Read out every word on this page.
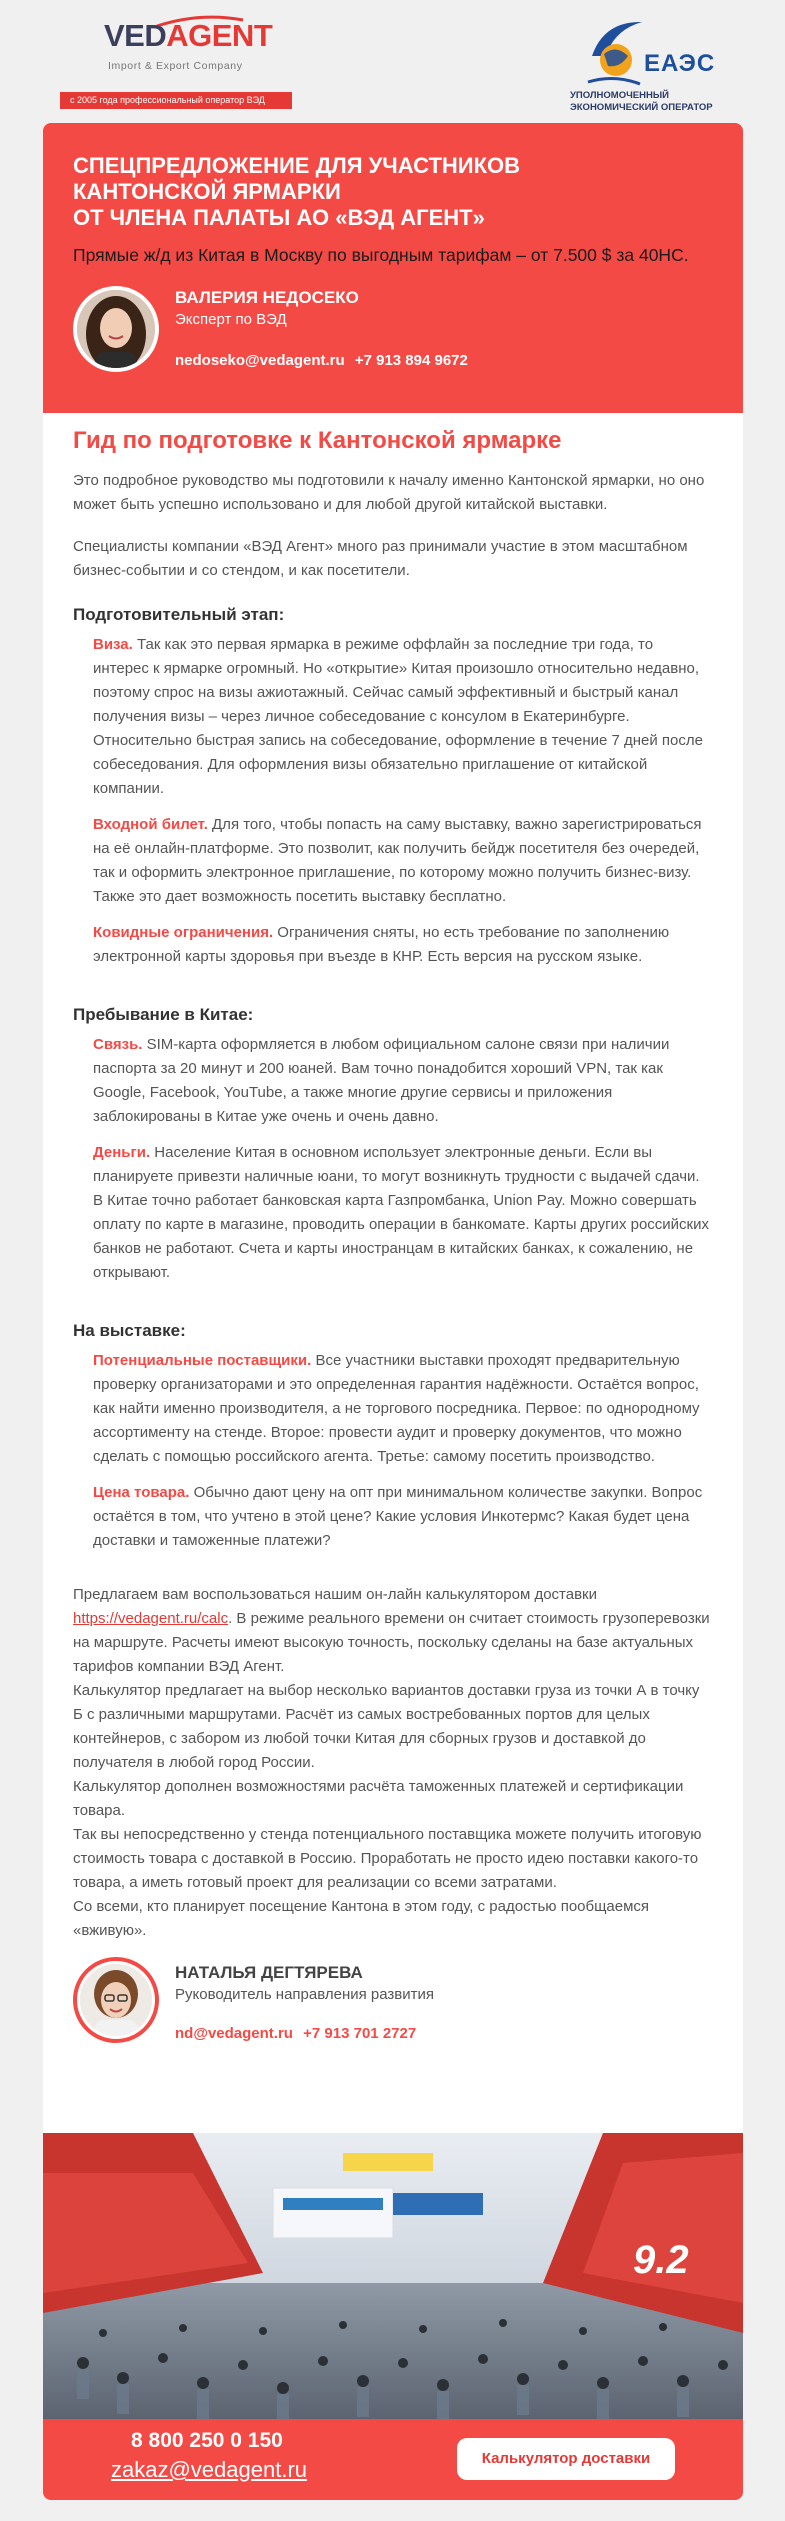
VEDAGENT
Import & Export Company
с 2005 года профессиональный оператор ВЭД
ЕАЭС
УПОЛНОМОЧЕННЫЙ
ЭКОНОМИЧЕСКИЙ ОПЕРАТОР
СПЕЦПРЕДЛОЖЕНИЕ ДЛЯ УЧАСТНИКОВ
КАНТОНСКОЙ ЯРМАРКИ
ОТ ЧЛЕНА ПАЛАТЫ АО «ВЭД АГЕНТ»
Прямые ж/д из Китая в Москву по выгодным тарифам – от 7.500 $ за 40HC.
ВАЛЕРИЯ НЕДОСЕКО
Эксперт по ВЭД
nedoseko@vedagent.ru +7 913 894 9672
Гид по подготовке к Кантонской ярмарке

Это подробное руководство мы подготовили к началу именно Кантонской ярмарки, но оно может быть успешно использовано и для любой другой китайской выставки.

Специалисты компании «ВЭД Агент» много раз принимали участие в этом масштабном бизнес-событии и со стендом, и как посетители.

Подготовительный этап:
Виза. Так как это первая ярмарка в режиме оффлайн за последние три года, то интерес к ярмарке огромный. Но «открытие» Китая произошло относительно недавно, поэтому спрос на визы ажиотажный. Сейчас самый эффективный и быстрый канал получения визы – через личное собеседование с консулом в Екатеринбурге. Относительно быстрая запись на собеседование, оформление в течение 7 дней после собеседования. Для оформления визы обязательно приглашение от китайской компании.
Входной билет. Для того, чтобы попасть на саму выставку, важно зарегистрироваться на её онлайн-платформе. Это позволит, как получить бейдж посетителя без очередей, так и оформить электронное приглашение, по которому можно получить бизнес-визу. Также это дает возможность посетить выставку бесплатно.
Ковидные ограничения. Ограничения сняты, но есть требование по заполнению электронной карты здоровья при въезде в КНР. Есть версия на русском языке.
Пребывание в Китае:
Связь. SIM-карта оформляется в любом официальном салоне связи при наличии паспорта за 20 минут и 200 юаней. Вам точно понадобится хороший VPN, так как Google, Facebook, YouTube, а также многие другие сервисы и приложения заблокированы в Китае уже очень и очень давно.
Деньги. Население Китая в основном использует электронные деньги. Если вы планируете привезти наличные юани, то могут возникнуть трудности с выдачей сдачи. В Китае точно работает банковская карта Газпромбанка, Union Pay. Можно совершать оплату по карте в магазине, проводить операции в банкомате. Карты других российских банков не работают. Счета и карты иностранцам в китайских банках, к сожалению, не открывают.
На выставке:
Потенциальные поставщики. Все участники выставки проходят предварительную проверку организаторами и это определенная гарантия надёжности. Остаётся вопрос, как найти именно производителя, а не торгового посредника. Первое: по однородному ассортименту на стенде. Второе: провести аудит и проверку документов, что можно сделать с помощью российского агента. Третье: самому посетить производство.
Цена товара. Обычно дают цену на опт при минимальном количестве закупки. Вопрос остаётся в том, что учтено в этой цене? Какие условия Инкотермс? Какая будет цена доставки и таможенные платежи?
Предлагаем вам воспользоваться нашим он-лайн калькулятором доставки https://vedagent.ru/calc. В режиме реального времени он считает стоимость грузоперевозки на маршруте. Расчеты имеют высокую точность, поскольку сделаны на базе актуальных тарифов компании ВЭД Агент.
Калькулятор предлагает на выбор несколько вариантов доставки груза из точки А в точку Б с различными маршрутами. Расчёт из самых востребованных портов для целых контейнеров, с забором из любой точки Китая для сборных грузов и доставкой до получателя в любой город России.
Калькулятор дополнен возможностями расчёта таможенных платежей и сертификации товара.
Так вы непосредственно у стенда потенциального поставщика можете получить итоговую стоимость товара с доставкой в Россию. Проработать не просто идею поставки какого-то товара, а иметь готовый проект для реализации со всеми затратами.
Со всеми, кто планирует посещение Кантона в этом году, с радостью пообщаемся «вживую».
НАТАЛЬЯ ДЕГТЯРЕВА
Руководитель направления развития
nd@vedagent.ru +7 913 701 2727
9.2
8 800 250 0 150
zakaz@vedagent.ru	Калькулятор доставки
